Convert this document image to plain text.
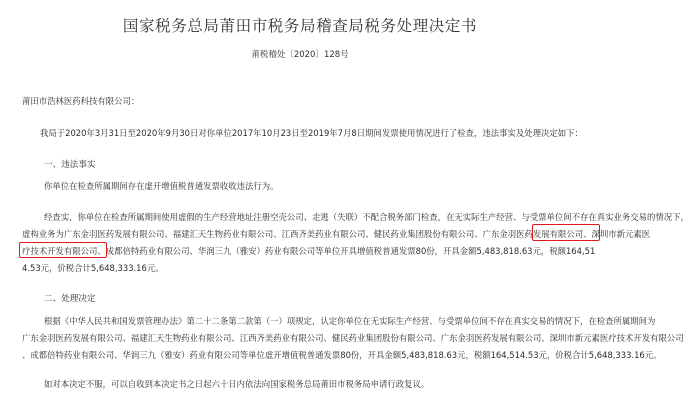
国家税务总局莆田市税务局稽查局税务处理决定书
莆税稽处〔2020〕128号
莆田市浩林医药科技有限公司：
我局于2020年3月31日至2020年9月30日对你单位2017年10月23日至2019年7月8日期间发票使用情况进行了检查，违法事实及处理决定如下：
一、违法事实
你单位在检查所属期间存在虚开增值税普通发票收收违法行为。
经查实，你单位在检查所属期间使用虚假的生产经营地址注册空壳公司、走逃（失联）不配合税务部门检查，在无实际生产经营、与受票单位间不存在真实业务交易的情况下，
虚构业务为广东金羽医药发展有限公司、福建汇天生物药业有限公司、江西齐美药业有限公司、健民药业集团股份有限公司、广东金羽医药发展有限公司、深圳市新元素医
疗技术开发有限公司、成都倍特药业有限公司、华润三九（雅安）药业有限公司等单位开具增值税普通发票80份，开具金额5,483,818.63元，税额164,51
4.53元，价税合计5,648,333.16元。
二、处理决定
根据《中华人民共和国发票管理办法》第二十二条第二款第（一）项规定，认定你单位在无实际生产经营、与受票单位间不存在真实交易的情况下，在检查所属期间为
广东金羽医药发展有限公司、福建汇天生物药业有限公司、江西齐美药业有限公司、健民药业集团股份有限公司、广东金羽医药发展有限公司、深圳市新元素医疗技术开发有限公司
、成都倍特药业有限公司、华润三九（雅安）药业有限公司等单位虚开增值税普通发票80份，开具金额5,483,818.63元，税额164,514.53元，价税合计5,648,333.16元。
如对本决定不服，可以自收到本决定书之日起六十日内依法向国家税务总局莆田市税务局申请行政复议。
